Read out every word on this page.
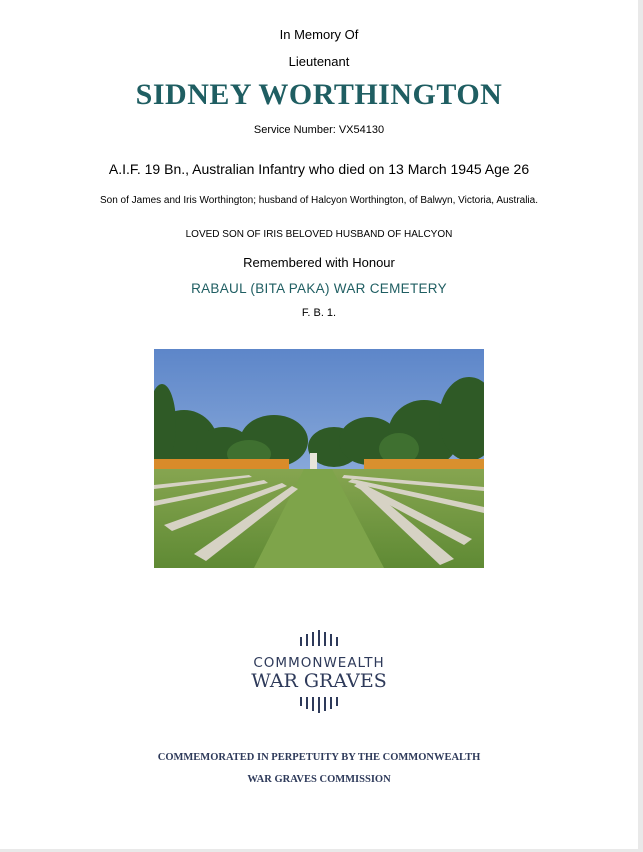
In Memory Of
Lieutenant
SIDNEY WORTHINGTON
Service Number: VX54130
A.I.F. 19 Bn., Australian Infantry who died on 13 March 1945 Age 26
Son of James and Iris Worthington; husband of Halcyon Worthington, of Balwyn, Victoria, Australia.
LOVED SON OF IRIS BELOVED HUSBAND OF HALCYON
Remembered with Honour
RABAUL (BITA PAKA) WAR CEMETERY
F. B. 1.
COMMONWEALTH
WAR GRAVES
COMMEMORATED IN PERPETUITY BY THE COMMONWEALTH
WAR GRAVES COMMISSION
